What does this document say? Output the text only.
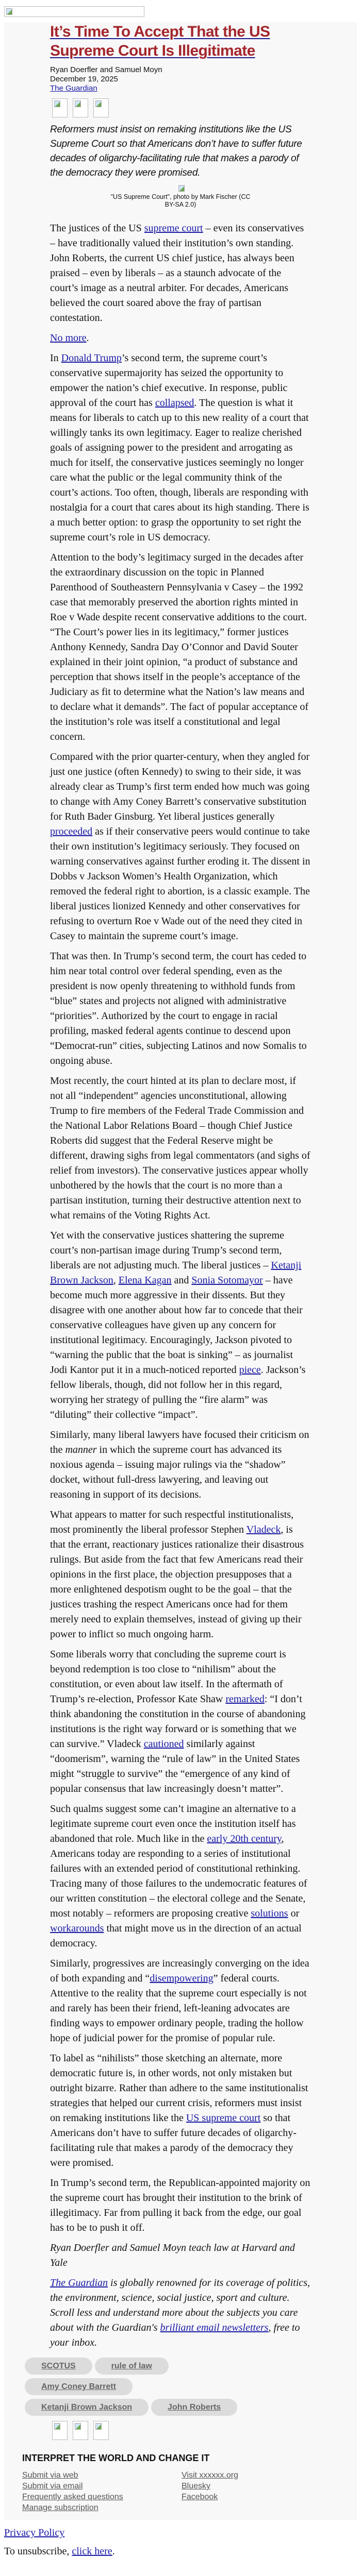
It’s Time To Accept That the US Supreme Court Is Illegitimate
Ryan Doerfler and Samuel Moyn
December 19, 2025
The Guardian
Reformers must insist on remaking institutions like the US Supreme Court so that Americans don’t have to suffer future decades of oligarchy-facilitating rule that makes a parody of the democracy they were promised.
"US Supreme Court", photo by Mark Fischer (CC BY-SA 2.0)

The justices of the US supreme court – even its conservatives – have traditionally valued their institution’s own standing. John Roberts, the current US chief justice, has always been praised – even by liberals – as a staunch advocate of the court’s image as a neutral arbiter. For decades, Americans believed the court soared above the fray of partisan contestation.

No more.

In Donald Trump’s second term, the supreme court’s conservative supermajority has seized the opportunity to empower the nation’s chief executive. In response, public approval of the court has collapsed. The question is what it means for liberals to catch up to this new reality of a court that willingly tanks its own legitimacy. Eager to realize cherished goals of assigning power to the president and arrogating as much for itself, the conservative justices seemingly no longer care what the public or the legal community think of the court’s actions. Too often, though, liberals are responding with nostalgia for a court that cares about its high standing. There is a much better option: to grasp the opportunity to set right the supreme court’s role in US democracy.

Attention to the body’s legitimacy surged in the decades after the extraordinary discussion on the topic in Planned Parenthood of Southeastern Pennsylvania v Casey – the 1992 case that memorably preserved the abortion rights minted in Roe v Wade despite recent conservative additions to the court. “The Court’s power lies in its legitimacy,” former justices Anthony Kennedy, Sandra Day O’Connor and David Souter explained in their joint opinion, “a product of substance and perception that shows itself in the people’s acceptance of the Judiciary as fit to determine what the Nation’s law means and to declare what it demands”. The fact of popular acceptance of the institution’s role was itself a constitutional and legal concern.

Compared with the prior quarter-century, when they angled for just one justice (often Kennedy) to swing to their side, it was already clear as Trump’s first term ended how much was going to change with Amy Coney Barrett’s conservative substitution for Ruth Bader Ginsburg. Yet liberal justices generally proceeded as if their conservative peers would continue to take their own institution’s legitimacy seriously. They focused on warning conservatives against further eroding it. The dissent in Dobbs v Jackson Women’s Health Organization, which removed the federal right to abortion, is a classic example. The liberal justices lionized Kennedy and other conservatives for refusing to overturn Roe v Wade out of the need they cited in Casey to maintain the supreme court’s image.

That was then. In Trump’s second term, the court has ceded to him near total control over federal spending, even as the president is now openly threatening to withhold funds from “blue” states and projects not aligned with administrative “priorities”. Authorized by the court to engage in racial profiling, masked federal agents continue to descend upon “Democrat-run” cities, subjecting Latinos and now Somalis to ongoing abuse.

Most recently, the court hinted at its plan to declare most, if not all “independent” agencies unconstitutional, allowing Trump to fire members of the Federal Trade Commission and the National Labor Relations Board – though Chief Justice Roberts did suggest that the Federal Reserve might be different, drawing sighs from legal commentators (and sighs of relief from investors). The conservative justices appear wholly unbothered by the howls that the court is no more than a partisan institution, turning their destructive attention next to what remains of the Voting Rights Act.

Yet with the conservative justices shattering the supreme court’s non-partisan image during Trump’s second term, liberals are not adjusting much. The liberal justices – Ketanji Brown Jackson, Elena Kagan and Sonia Sotomayor – have become much more aggressive in their dissents. But they disagree with one another about how far to concede that their conservative colleagues have given up any concern for institutional legitimacy. Encouragingly, Jackson pivoted to “warning the public that the boat is sinking” – as journalist Jodi Kantor put it in a much-noticed reported piece. Jackson’s fellow liberals, though, did not follow her in this regard, worrying her strategy of pulling the “fire alarm” was “diluting” their collective “impact”.

Similarly, many liberal lawyers have focused their criticism on the manner in which the supreme court has advanced its noxious agenda – issuing major rulings via the “shadow” docket, without full-dress lawyering, and leaving out reasoning in support of its decisions.

What appears to matter for such respectful institutionalists, most prominently the liberal professor Stephen Vladeck, is that the errant, reactionary justices rationalize their disastrous rulings. But aside from the fact that few Americans read their opinions in the first place, the objection presupposes that a more enlightened despotism ought to be the goal – that the justices trashing the respect Americans once had for them merely need to explain themselves, instead of giving up their power to inflict so much ongoing harm.

Some liberals worry that concluding the supreme court is beyond redemption is too close to “nihilism” about the constitution, or even about law itself. In the aftermath of Trump’s re-election, Professor Kate Shaw remarked: “I don’t think abandoning the constitution in the course of abandoning institutions is the right way forward or is something that we can survive.” Vladeck cautioned similarly against “doomerism”, warning the “rule of law” in the United States might “struggle to survive” the “emergence of any kind of popular consensus that law increasingly doesn’t matter”.

Such qualms suggest some can’t imagine an alternative to a legitimate supreme court even once the institution itself has abandoned that role. Much like in the early 20th century, Americans today are responding to a series of institutional failures with an extended period of constitutional rethinking. Tracing many of those failures to the undemocratic features of our written constitution – the electoral college and the Senate, most notably – reformers are proposing creative solutions or workarounds that might move us in the direction of an actual democracy.

Similarly, progressives are increasingly converging on the idea of both expanding and “disempowering” federal courts. Attentive to the reality that the supreme court especially is not and rarely has been their friend, left-leaning advocates are finding ways to empower ordinary people, trading the hollow hope of judicial power for the promise of popular rule.

To label as “nihilists” those sketching an alternate, more democratic future is, in other words, not only mistaken but outright bizarre. Rather than adhere to the same institutionalist strategies that helped our current crisis, reformers must insist on remaking institutions like the US supreme court so that Americans don’t have to suffer future decades of oligarchy-facilitating rule that makes a parody of the democracy they were promised.

In Trump’s second term, the Republican-appointed majority on the supreme court has brought their institution to the brink of illegitimacy. Far from pulling it back from the edge, our goal has to be to push it off.

Ryan Doerfler and Samuel Moyn teach law at Harvard and Yale

The Guardian is globally renowned for its coverage of politics, the environment, science, social justice, sport and culture. Scroll less and understand more about the subjects you care about with the Guardian's brilliant email newsletters, free to your inbox.

SCOTUS	rule of law
Amy Coney Barrett
Ketanji Brown Jackson	John Roberts
INTERPRET THE WORLD AND CHANGE IT
Submit via web
Submit via email
Frequently asked questions
Manage subscription
Visit xxxxxx.org
Bluesky
Facebook

Privacy Policy

To unsubscribe, click here.
